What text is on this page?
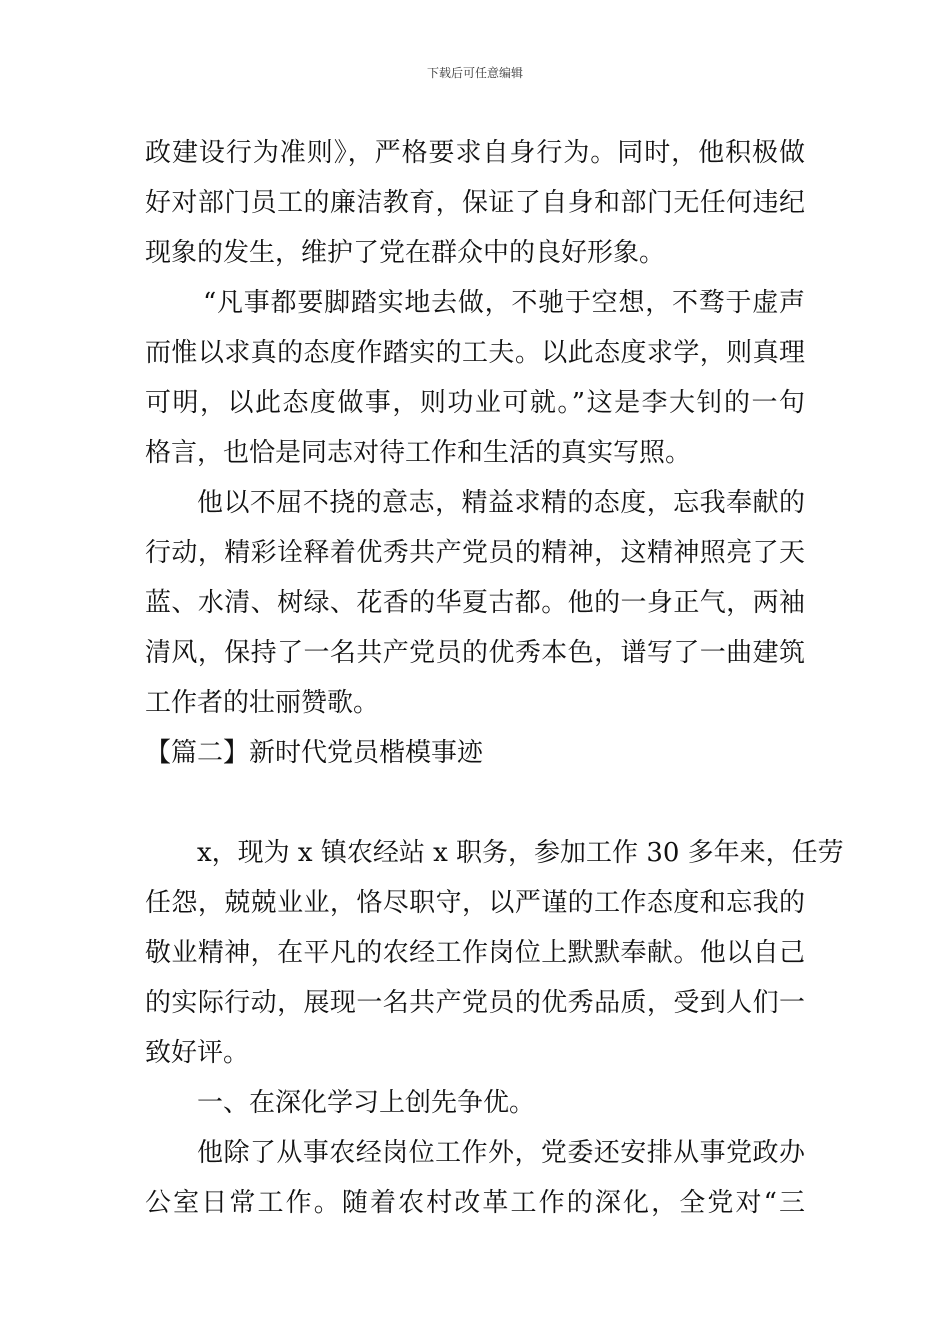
下载后可任意编辑
政建设行为准则》，严格要求自身行为。同时，他积极做
好对部门员工的廉洁教育，保证了自身和部门无任何违纪
现象的发生，维护了党在群众中的良好形象。
“凡事都要脚踏实地去做，不驰于空想，不骛于虚声
而惟以求真的态度作踏实的工夫。以此态度求学，则真理
可明，以此态度做事，则功业可就。”这是李大钊的一句
格言，也恰是同志对待工作和生活的真实写照。
他以不屈不挠的意志，精益求精的态度，忘我奉献的
行动，精彩诠释着优秀共产党员的精神，这精神照亮了天
蓝、水清、树绿、花香的华夏古都。他的一身正气，两袖
清风，保持了一名共产党员的优秀本色，谱写了一曲建筑
工作者的壮丽赞歌。
【篇二】新时代党员楷模事迹
x，现为 x 镇农经站 x 职务，参加工作 30 多年来，任劳
任怨，兢兢业业，恪尽职守，以严谨的工作态度和忘我的
敬业精神，在平凡的农经工作岗位上默默奉献。他以自己
的实际行动，展现一名共产党员的优秀品质，受到人们一
致好评。
一、在深化学习上创先争优。
他除了从事农经岗位工作外，党委还安排从事党政办
公室日常工作。随着农村改革工作的深化，全党对“三
